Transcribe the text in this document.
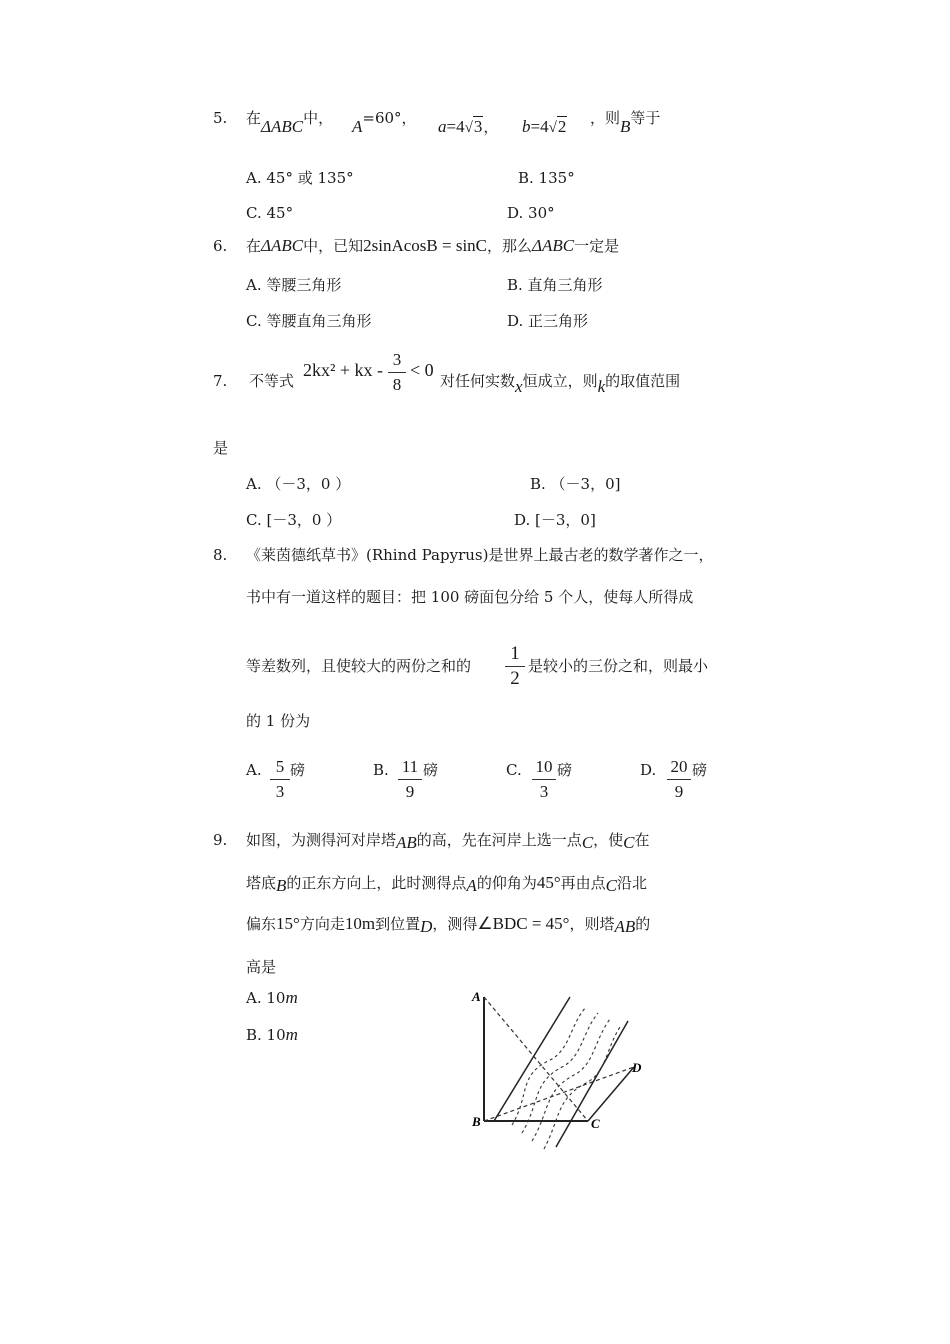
5. 在ΔABC中， A=60°， a=4√3， b=4√2 ，则B等于
A. 45° 或 135°	B. 135°
C. 45°	D. 30°
6. 在ΔABC中，已知2sinAcosB = sinC，那么ΔABC一定是
A. 等腰三角形	B. 直角三角形
C. 等腰直角三角形	D. 正三角形
7. 不等式
2kx² + kx -
3
8
< 0
对任何实数x恒成立，则k的取值范围
是
A. （－3，0 ）	B. （－3，0]
C. [－3，0 ）	D. [－3，0]
8. 《莱茵德纸草书》(Rhind Papyrus)是世界上最古老的数学著作之一，
书中有一道这样的题目：把 100 磅面包分给 5 个人，使每人所得成
等差数列，且使较大的两份之和的
1
2
是较小的三份之和，则最小
的 1 份为
A. 5
3
磅	B. 11
9
磅	C. 10
3
磅	D. 20
9
磅
9. 如图，为测得河对岸塔AB的高，先在河岸上选一点C，使C在
塔底B的正东方向上，此时测得点A的仰角为45°再由点C沿北
偏东15°方向走10m到位置D，测得∠BDC = 45°，则塔AB的
高是
A. 10m
B. 10m
A
B	C
D
